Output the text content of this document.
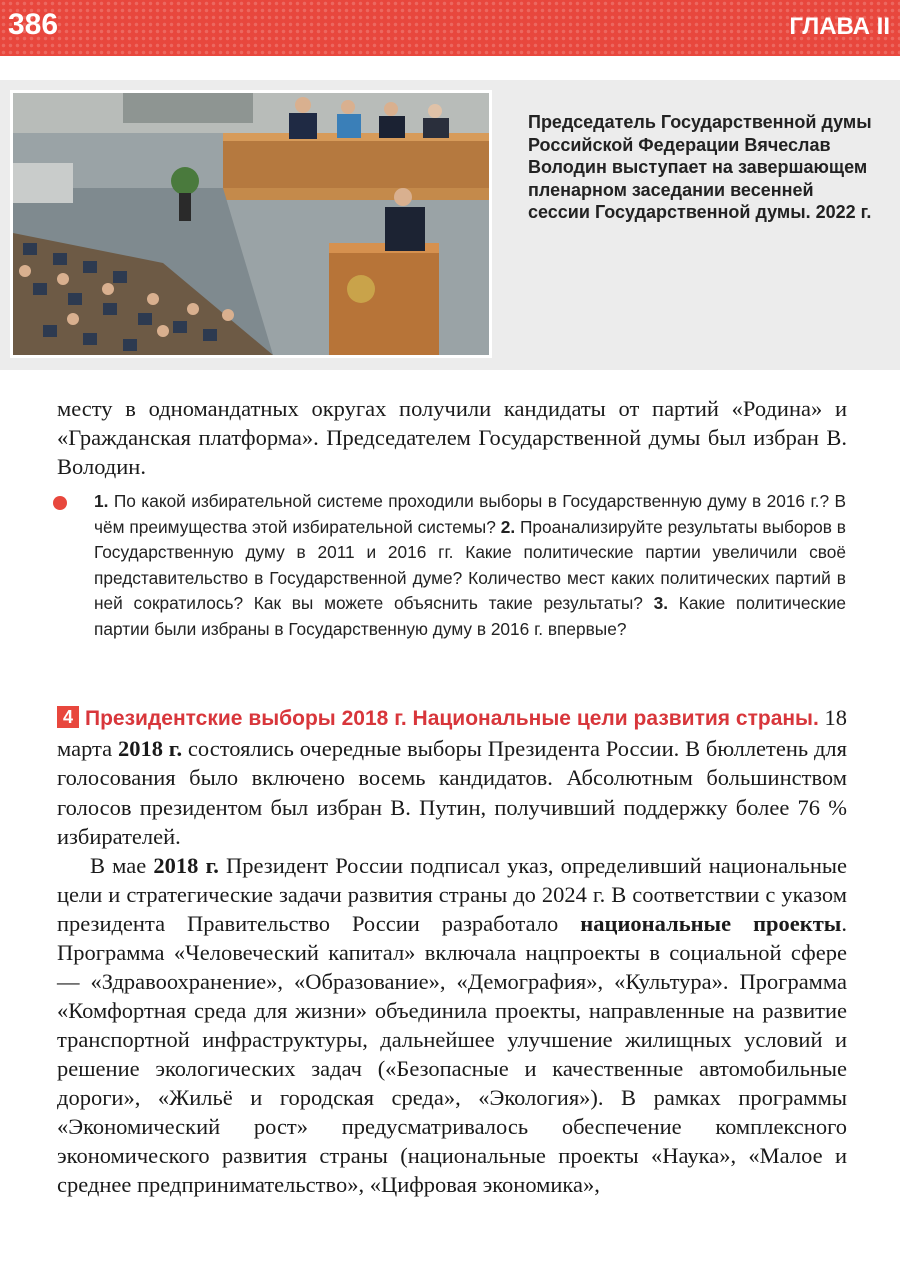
386	ГЛАВА II
Председатель Государственной думы Российской Федерации Вячеслав Володин выступает на завершающем пленарном заседании весенней сессии Государственной думы. 2022 г.
месту в одномандатных округах получили кандидаты от партий «Родина» и «Гражданская платформа». Председателем Государственной думы был избран В. Володин.
1. По какой избирательной системе проходили выборы в Государственную думу в 2016 г.? В чём преимущества этой избирательной системы? 2. Проанализируйте результаты выборов в Государственную думу в 2011 и 2016 гг. Какие политические партии увеличили своё представительство в Государственной думе? Количество мест каких политических партий в ней сократилось? Как вы можете объяснить такие результаты? 3. Какие политические партии были избраны в Государственную думу в 2016 г. впервые?
4 Президентские выборы 2018 г. Национальные цели развития страны. 18 марта 2018 г. состоялись очередные выборы Президента России. В бюллетень для голосования было включено восемь кандидатов. Абсолютным большинством голосов президентом был избран В. Путин, получивший поддержку более 76 % избирателей.
В мае 2018 г. Президент России подписал указ, определивший национальные цели и стратегические задачи развития страны до 2024 г. В соответствии с указом президента Правительство России разработало национальные проекты. Программа «Человеческий капитал» включала нацпроекты в социальной сфере — «Здравоохранение», «Образование», «Демография», «Культура». Программа «Комфортная среда для жизни» объединила проекты, направленные на развитие транспортной инфраструктуры, дальнейшее улучшение жилищных условий и решение экологических задач («Безопасные и качественные автомобильные дороги», «Жильё и городская среда», «Экология»). В рамках программы «Экономический рост» предусматривалось обеспечение комплексного экономического развития страны (национальные проекты «Наука», «Малое и среднее предпринимательство», «Цифровая экономика»,
